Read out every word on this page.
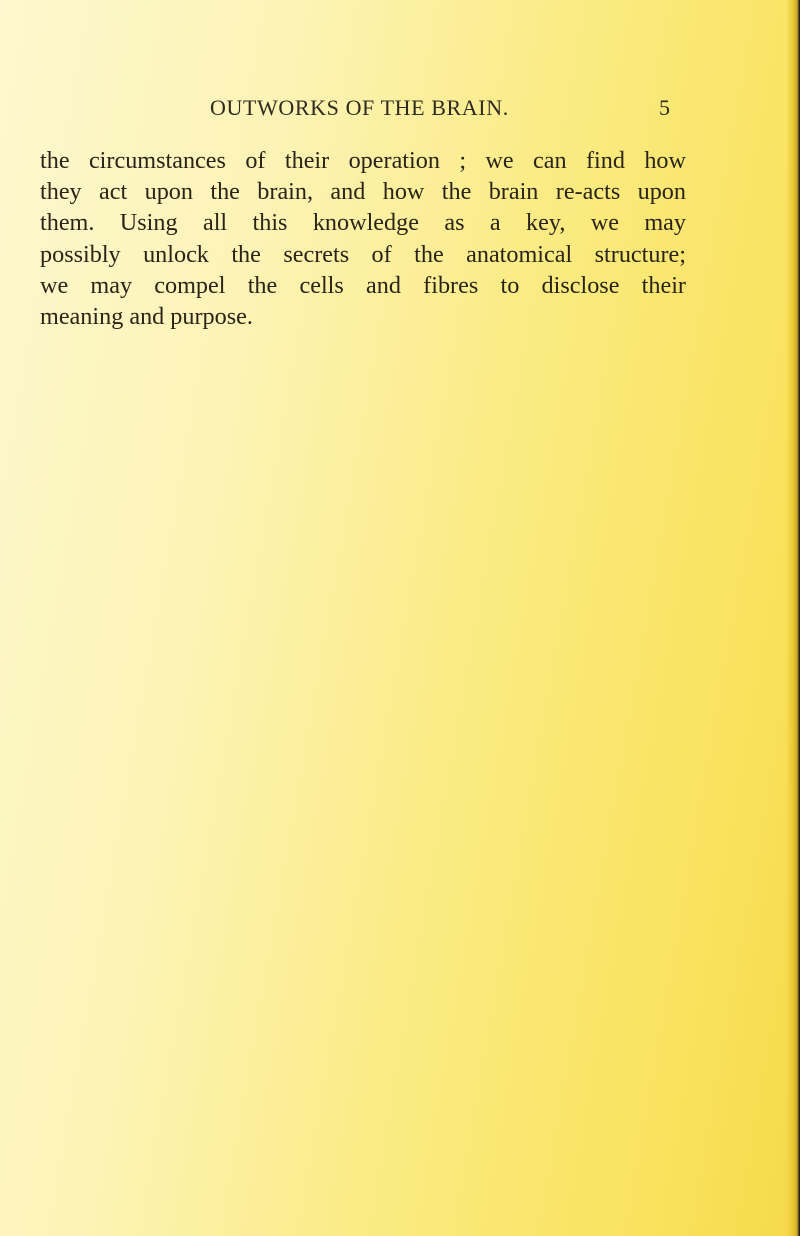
OUTWORKS OF THE BRAIN.	5
the circumstances of their operation ; we can find how
they act upon the brain, and how the brain re-acts upon
them. Using all this knowledge as a key, we may
possibly unlock the secrets of the anatomical structure;
we may compel the cells and fibres to disclose their
meaning and purpose.
